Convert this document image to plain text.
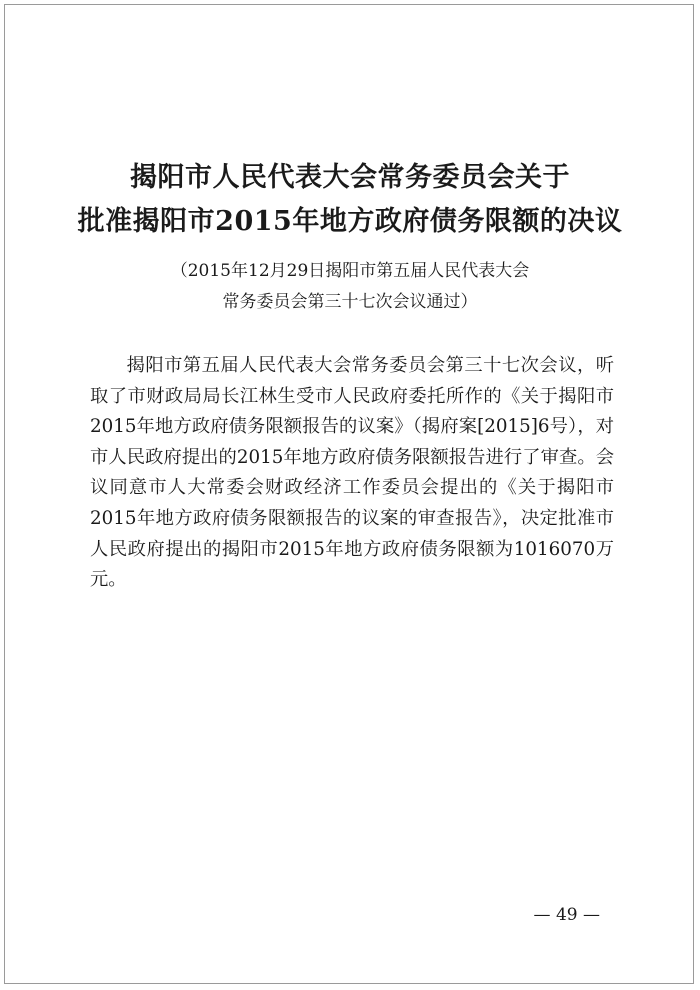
揭阳市人民代表大会常务委员会关于
批准揭阳市2015年地方政府债务限额的决议
（2015年12月29日揭阳市第五届人民代表大会
常务委员会第三十七次会议通过）
揭阳市第五届人民代表大会常务委员会第三十七次会议，听取了市财政局局长江林生受市人民政府委托所作的《关于揭阳市2015年地方政府债务限额报告的议案》（揭府案[2015]6号），对市人民政府提出的2015年地方政府债务限额报告进行了审查。会议同意市人大常委会财政经济工作委员会提出的《关于揭阳市2015年地方政府债务限额报告的议案的审查报告》，决定批准市人民政府提出的揭阳市2015年地方政府债务限额为1016070万元。
— 49 —
